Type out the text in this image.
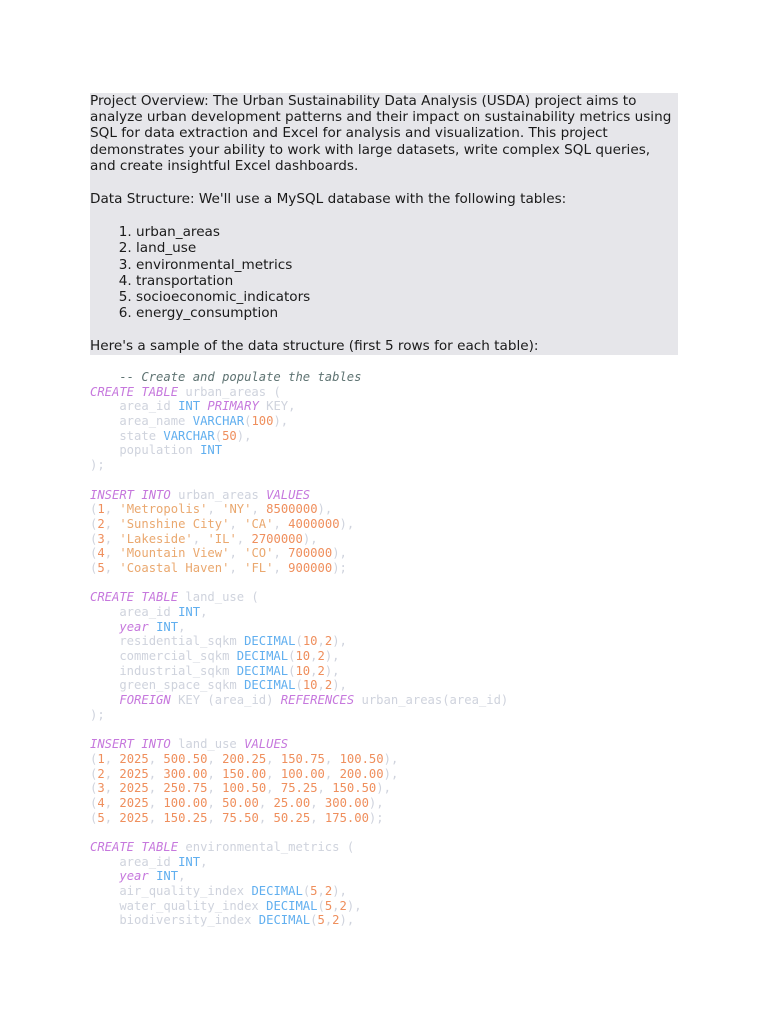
Project Overview: The Urban Sustainability Data Analysis (USDA) project aims to analyze urban development patterns and their impact on sustainability metrics using SQL for data extraction and Excel for analysis and visualization. This project demonstrates your ability to work with large datasets, write complex SQL queries, and create insightful Excel dashboards.

Data Structure: We'll use a MySQL database with the following tables:

1. urban_areas
2. land_use
3. environmental_metrics
4. transportation
5. socioeconomic_indicators
6. energy_consumption

Here's a sample of the data structure (first 5 rows for each table):

-- Create and populate the tables
CREATE TABLE urban_areas (
area_id INT PRIMARY KEY,
area_name VARCHAR(100),
state VARCHAR(50),
population INT
);

INSERT INTO urban_areas VALUES
(1, 'Metropolis', 'NY', 8500000),
(2, 'Sunshine City', 'CA', 4000000),
(3, 'Lakeside', 'IL', 2700000),
(4, 'Mountain View', 'CO', 700000),
(5, 'Coastal Haven', 'FL', 900000);

CREATE TABLE land_use (
area_id INT,
year INT,
residential_sqkm DECIMAL(10,2),
commercial_sqkm DECIMAL(10,2),
industrial_sqkm DECIMAL(10,2),
green_space_sqkm DECIMAL(10,2),
FOREIGN KEY (area_id) REFERENCES urban_areas(area_id)
);

INSERT INTO land_use VALUES
(1, 2025, 500.50, 200.25, 150.75, 100.50),
(2, 2025, 300.00, 150.00, 100.00, 200.00),
(3, 2025, 250.75, 100.50, 75.25, 150.50),
(4, 2025, 100.00, 50.00, 25.00, 300.00),
(5, 2025, 150.25, 75.50, 50.25, 175.00);

CREATE TABLE environmental_metrics (
area_id INT,
year INT,
air_quality_index DECIMAL(5,2),
water_quality_index DECIMAL(5,2),
biodiversity_index DECIMAL(5,2),
